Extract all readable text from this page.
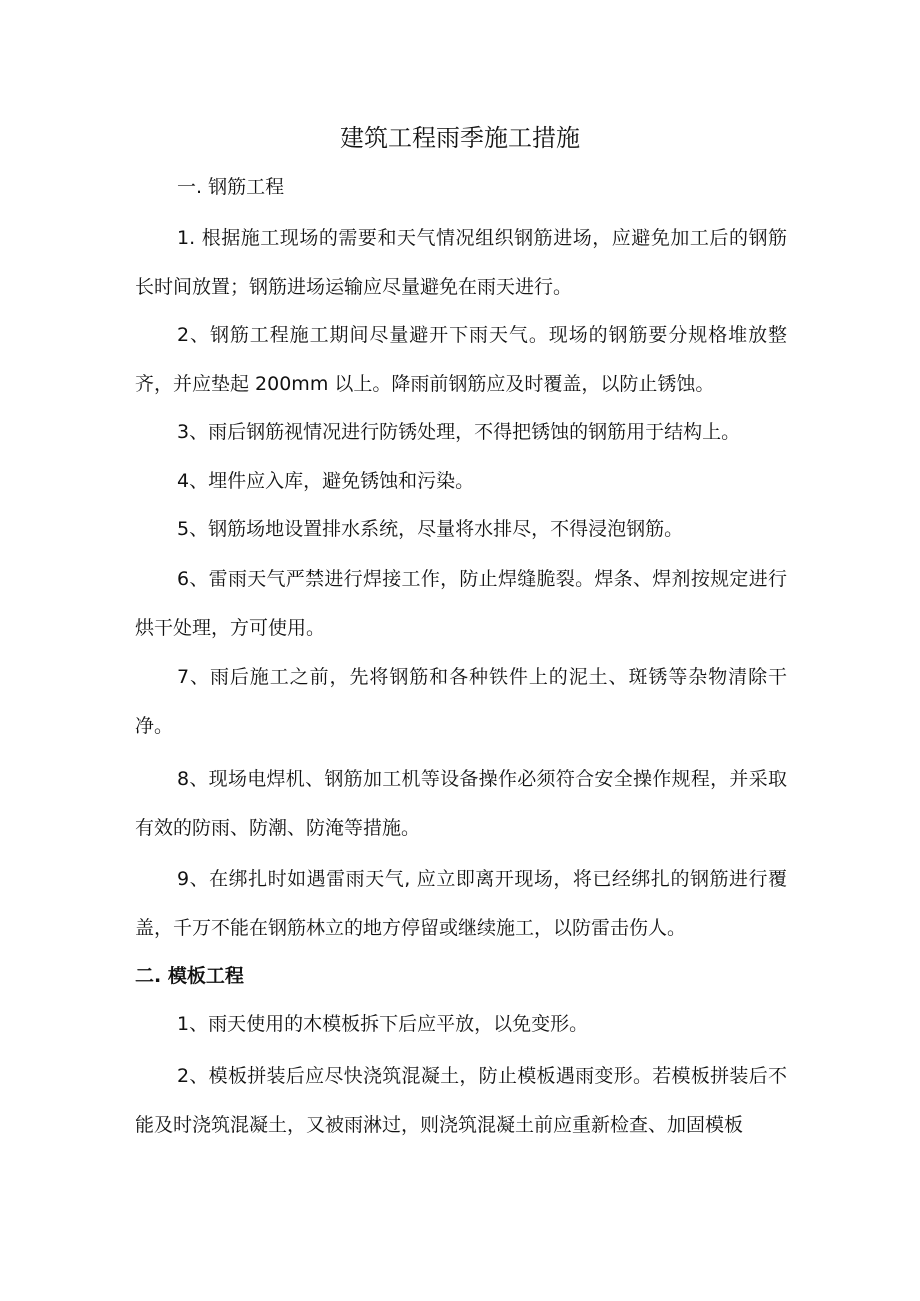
建筑工程雨季施工措施
一. 钢筋工程
1. 根据施工现场的需要和天气情况组织钢筋进场，应避免加工后的钢筋长时间放置；钢筋进场运输应尽量避免在雨天进行。
2、钢筋工程施工期间尽量避开下雨天气。现场的钢筋要分规格堆放整齐，并应垫起 200mm 以上。降雨前钢筋应及时覆盖，以防止锈蚀。
3、雨后钢筋视情况进行防锈处理，不得把锈蚀的钢筋用于结构上。
4、埋件应入库，避免锈蚀和污染。
5、钢筋场地设置排水系统，尽量将水排尽，不得浸泡钢筋。
6、雷雨天气严禁进行焊接工作，防止焊缝脆裂。焊条、焊剂按规定进行烘干处理，方可使用。
7、雨后施工之前，先将钢筋和各种铁件上的泥土、斑锈等杂物清除干净。
8、现场电焊机、钢筋加工机等设备操作必须符合安全操作规程，并采取有效的防雨、防潮、防淹等措施。
9、在绑扎时如遇雷雨天气, 应立即离开现场，将已经绑扎的钢筋进行覆盖，千万不能在钢筋林立的地方停留或继续施工，以防雷击伤人。
二. 模板工程
1、雨天使用的木模板拆下后应平放，以免变形。
2、模板拼装后应尽快浇筑混凝土，防止模板遇雨变形。若模板拼装后不能及时浇筑混凝土，又被雨淋过，则浇筑混凝土前应重新检查、加固模板
